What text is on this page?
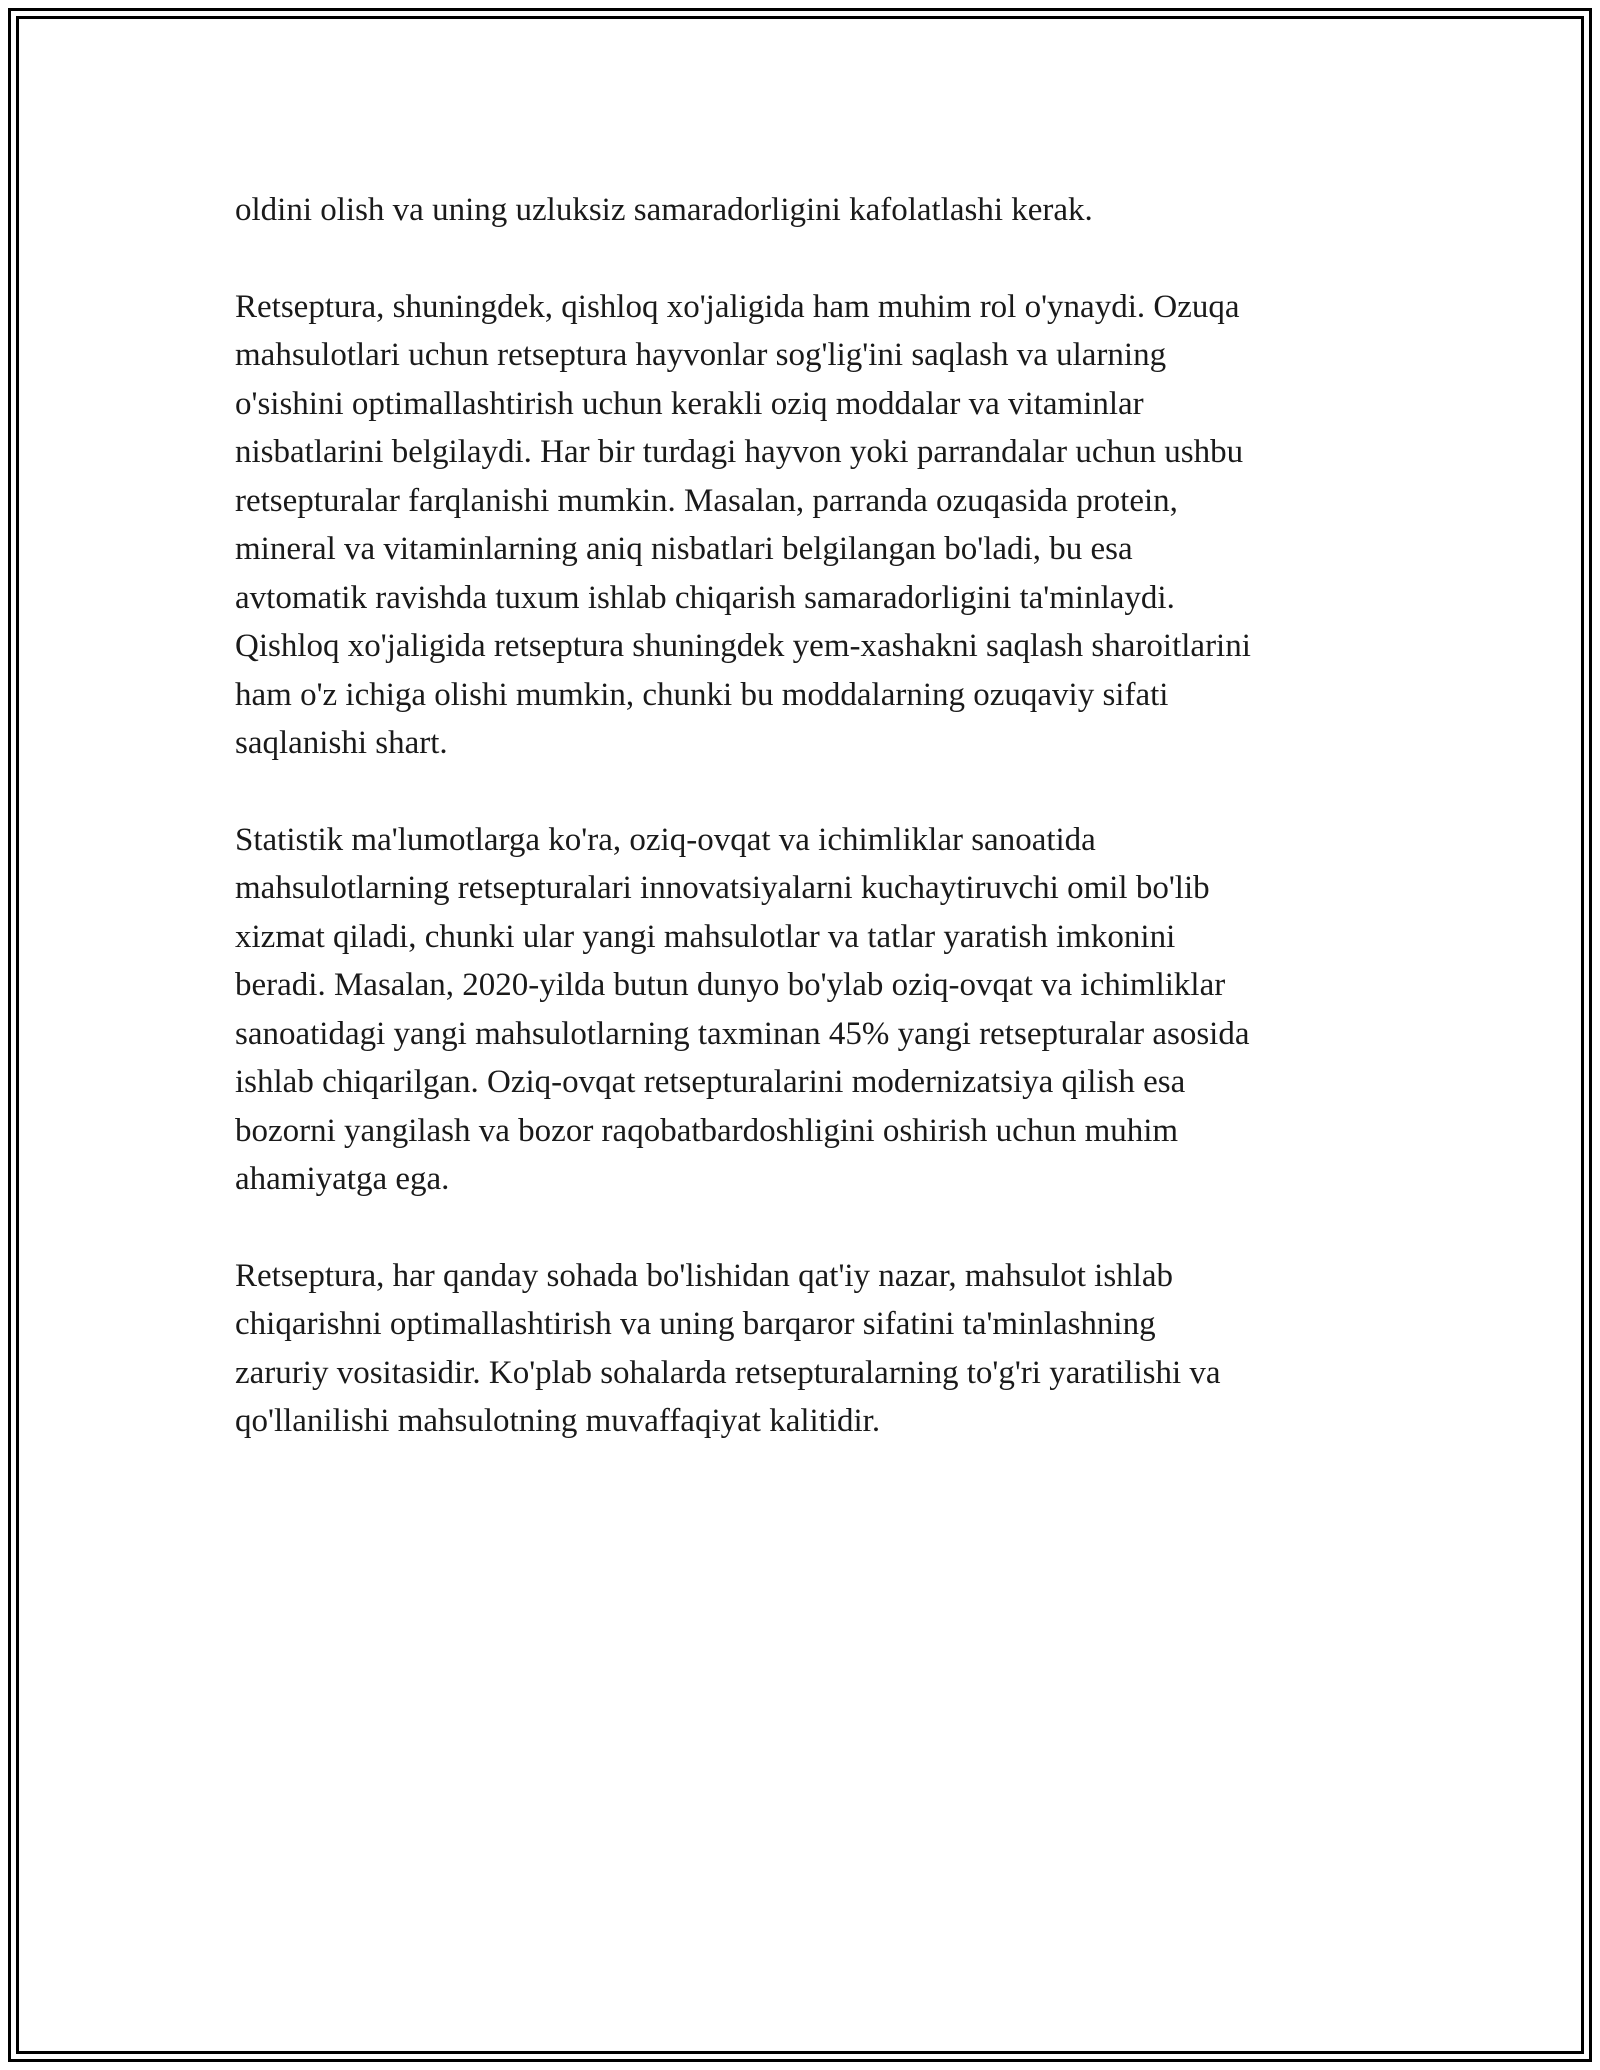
oldini olish va uning uzluksiz samaradorligini kafolatlashi kerak.

Retseptura, shuningdek, qishloq xo'jaligida ham muhim rol o'ynaydi. Ozuqa
mahsulotlari uchun retseptura hayvonlar sog'lig'ini saqlash va ularning
o'sishini optimallashtirish uchun kerakli oziq moddalar va vitaminlar
nisbatlarini belgilaydi. Har bir turdagi hayvon yoki parrandalar uchun ushbu
retsepturalar farqlanishi mumkin. Masalan, parranda ozuqasida protein,
mineral va vitaminlarning aniq nisbatlari belgilangan bo'ladi, bu esa
avtomatik ravishda tuxum ishlab chiqarish samaradorligini ta'minlaydi.
Qishloq xo'jaligida retseptura shuningdek yem-xashakni saqlash sharoitlarini
ham o'z ichiga olishi mumkin, chunki bu moddalarning ozuqaviy sifati
saqlanishi shart.

Statistik ma'lumotlarga ko'ra, oziq-ovqat va ichimliklar sanoatida
mahsulotlarning retsepturalari innovatsiyalarni kuchaytiruvchi omil bo'lib
xizmat qiladi, chunki ular yangi mahsulotlar va tatlar yaratish imkonini
beradi. Masalan, 2020-yilda butun dunyo bo'ylab oziq-ovqat va ichimliklar
sanoatidagi yangi mahsulotlarning taxminan 45% yangi retsepturalar asosida
ishlab chiqarilgan. Oziq-ovqat retsepturalarini modernizatsiya qilish esa
bozorni yangilash va bozor raqobatbardoshligini oshirish uchun muhim
ahamiyatga ega.

Retseptura, har qanday sohada bo'lishidan qat'iy nazar, mahsulot ishlab
chiqarishni optimallashtirish va uning barqaror sifatini ta'minlashning
zaruriy vositasidir. Ko'plab sohalarda retsepturalarning to'g'ri yaratilishi va
qo'llanilishi mahsulotning muvaffaqiyat kalitidir.
